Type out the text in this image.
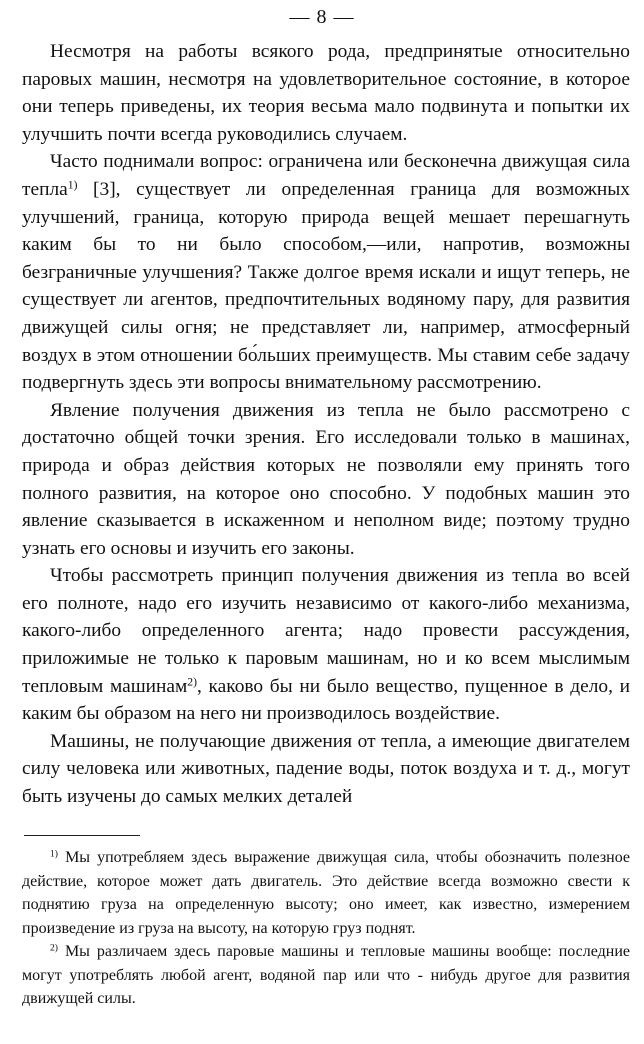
— 8 —

Несмотря на работы всякого рода, предпринятые относительно паровых машин, несмотря на удовлетворительное состояние, в которое они теперь приведены, их теория весьма мало подвинута и попытки их улучшить почти всегда руководились случаем.

Часто поднимали вопрос: ограничена или бесконечна движущая сила тепла$^{1)}$ [3], существует ли определенная граница для возможных улучшений, граница, которую природа вещей мешает перешагнуть каким бы то ни было способом,—или, напротив, возможны безграничные улучшения? Также долгое время искали и ищут теперь, не существует ли агентов, предпочтительных водяному пару, для развития движущей силы огня; не представляет ли, например, атмосферный воздух в этом отношении бо́льших преимуществ. Мы ставим себе задачу подвергнуть здесь эти вопросы внимательному рассмотрению.

Явление получения движения из тепла не было рассмотрено с достаточно общей точки зрения. Его исследовали только в машинах, природа и образ действия которых не позволяли ему принять того полного развития, на которое оно способно. У подобных машин это явление сказывается в искаженном и неполном виде; поэтому трудно узнать его основы и изучить его законы.

Чтобы рассмотреть принцип получения движения из тепла во всей его полноте, надо его изучить независимо от какого-либо механизма, какого-либо определенного агента; надо провести рассуждения, приложимые не только к паровым машинам, но и ко всем мыслимым тепловым машинам$^{2)}$, каково бы ни было вещество, пущенное в дело, и каким бы образом на него ни производилось воздействие.

Машины, не получающие движения от тепла, а имеющие двигателем силу человека или животных, падение воды, поток воздуха и т. д., могут быть изучены до самых мелких деталей

$^{1)}$ Мы употребляем здесь выражение движущая сила, чтобы обозначить полезное действие, которое может дать двигатель. Это действие всегда возможно свести к поднятию груза на определенную высоту; оно имеет, как известно, измерением произведение из груза на высоту, на которую груз поднят.

$^{2)}$ Мы различаем здесь паровые машины и тепловые машины вообще: последние могут употреблять любой агент, водяной пар или что - нибудь другое для развития движущей силы.
